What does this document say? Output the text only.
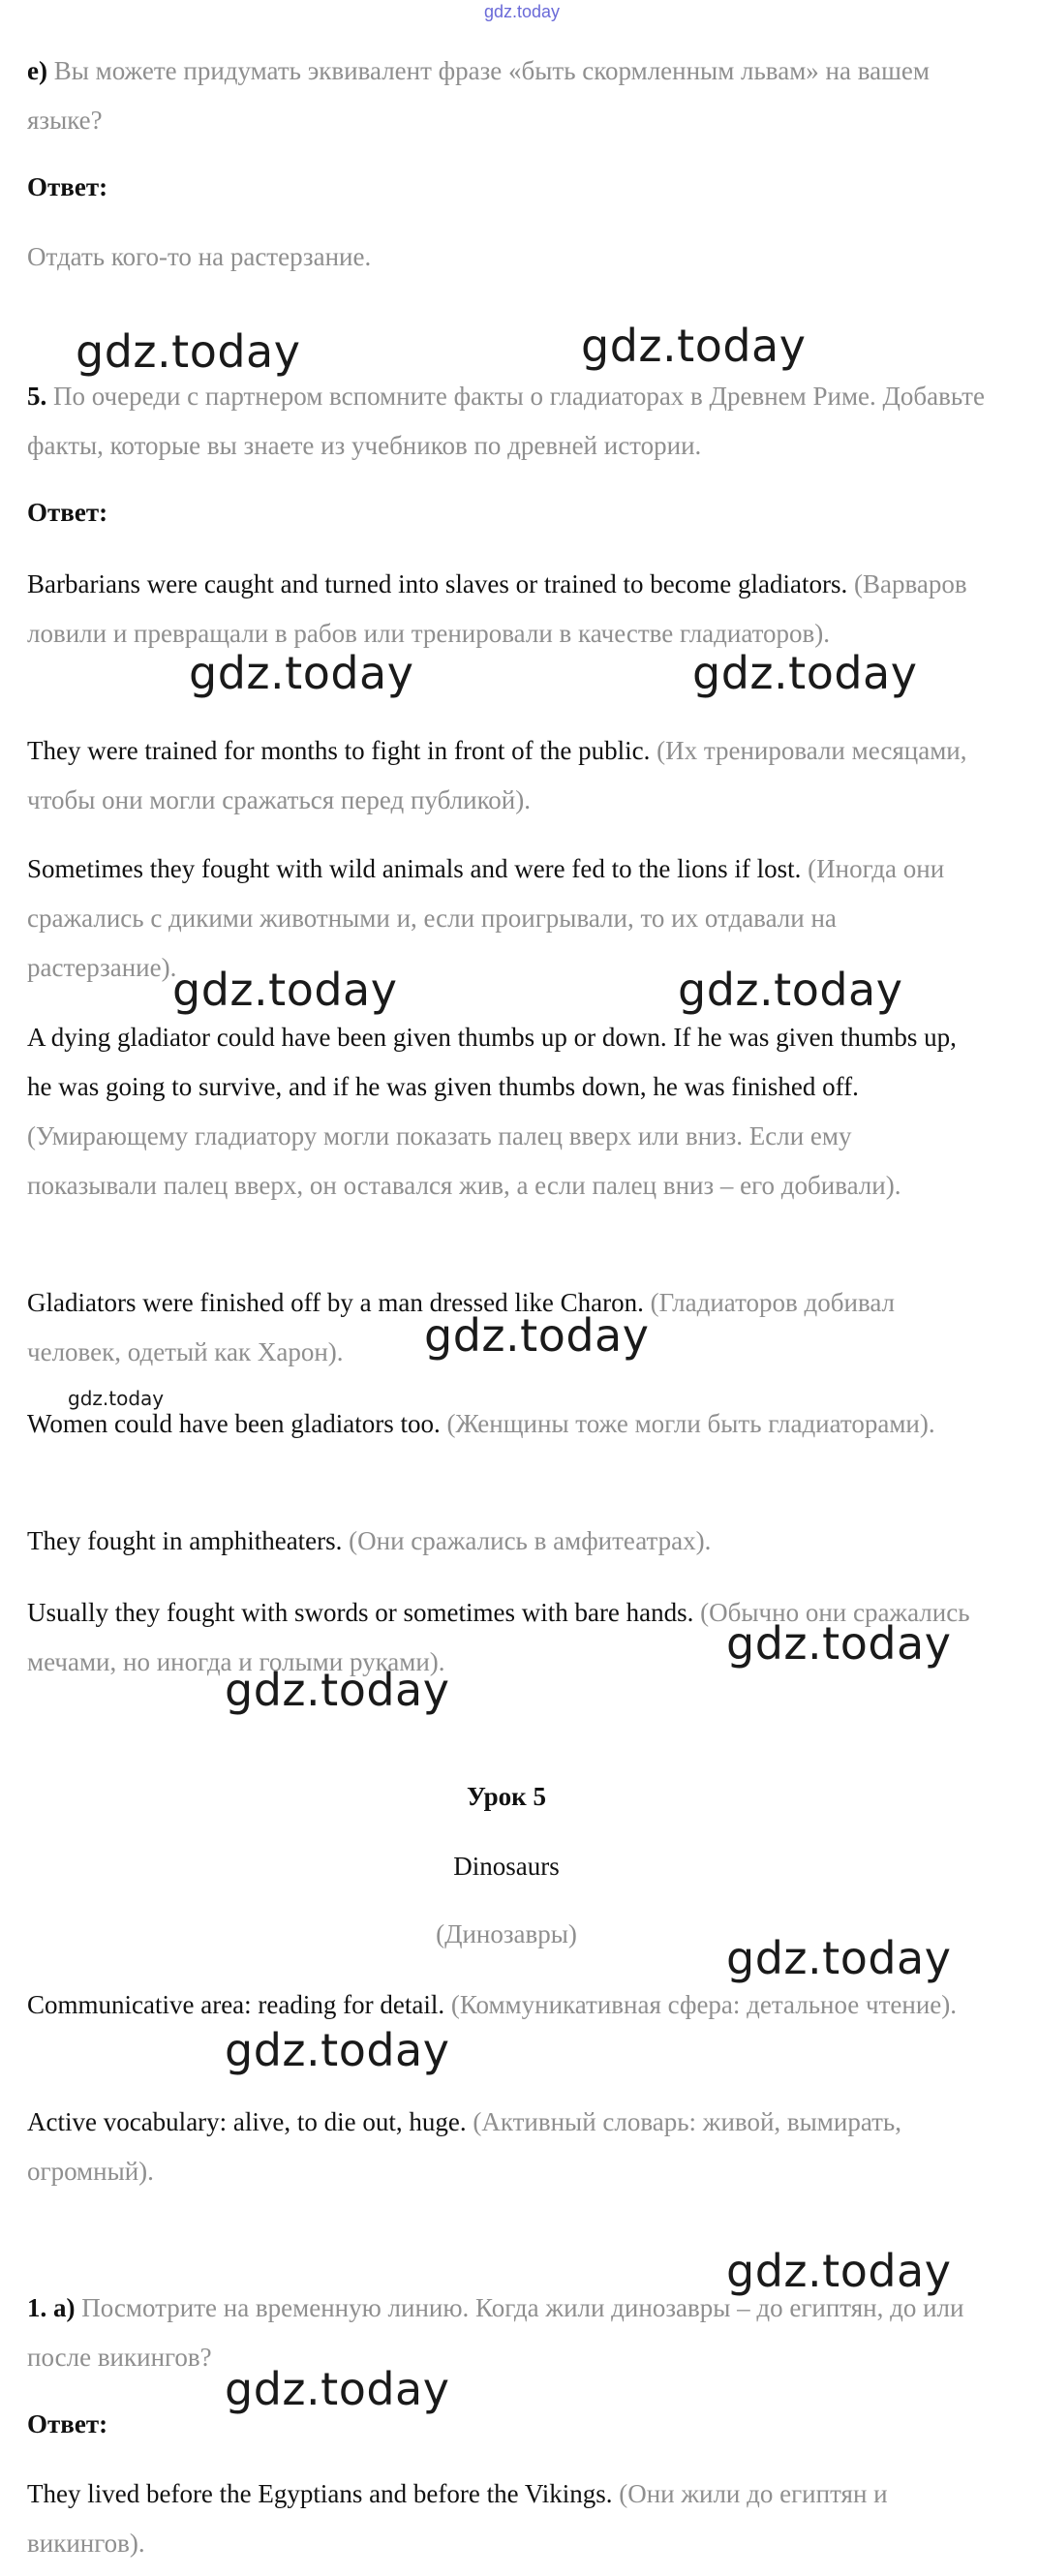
gdz.today

e) Вы можете придумать эквивалент фразе «быть скормленным львам» на вашем языке?

Ответ:

Отдать кого-то на растерзание.

5. По очереди с партнером вспомните факты о гладиаторах в Древнем Риме. Добавьте факты, которые вы знаете из учебников по древней истории.

Ответ:

Barbarians were caught and turned into slaves or trained to become gladiators. (Варваров ловили и превращали в рабов или тренировали в качестве гладиаторов).

They were trained for months to fight in front of the public. (Их тренировали месяцами, чтобы они могли сражаться перед публикой).

Sometimes they fought with wild animals and were fed to the lions if lost. (Иногда они сражались с дикими животными и, если проигрывали, то их отдавали на растерзание).

A dying gladiator could have been given thumbs up or down. If he was given thumbs up, he was going to survive, and if he was given thumbs down, he was finished off. (Умирающему гладиатору могли показать палец вверх или вниз. Если ему показывали палец вверх, он оставался жив, а если палец вниз – его добивали).

Gladiators were finished off by a man dressed like Charon. (Гладиаторов добивал человек, одетый как Харон).

Women could have been gladiators too. (Женщины тоже могли быть гладиаторами).

They fought in amphitheaters. (Они сражались в амфитеатрах).

Usually they fought with swords or sometimes with bare hands. (Обычно они сражались мечами, но иногда и голыми руками).

Урок 5

Dinosaurs

(Динозавры)

Communicative area: reading for detail. (Коммуникативная сфера: детальное чтение).

Active vocabulary: alive, to die out, huge. (Активный словарь: живой, вымирать, огромный).

1. a) Посмотрите на временную линию. Когда жили динозавры – до египтян, до или после викингов?

Ответ:

They lived before the Egyptians and before the Vikings. (Они жили до египтян и викингов).

gdz.today	gdz.today
gdz.today	gdz.today
gdz.today	gdz.today
gdz.today
gdz.today
gdz.today
gdz.today
gdz.today
gdz.today
gdz.today
gdz.today
